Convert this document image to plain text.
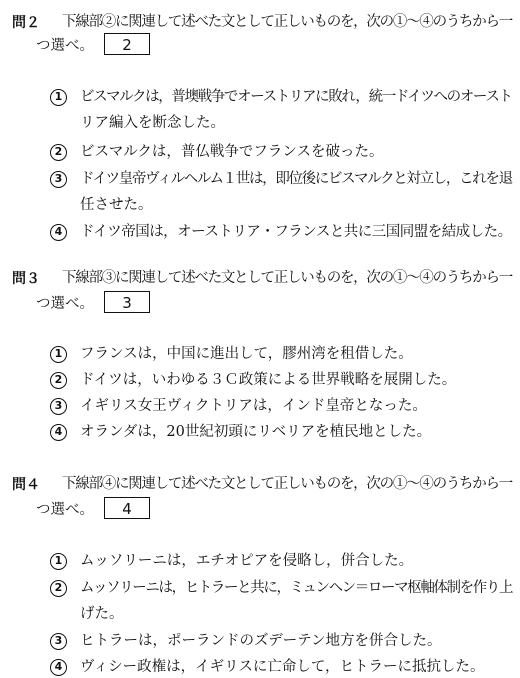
問２ 下線部②に関連して述べた文として正しいものを，次の①〜④のうちから一
つ選べ。	2
1	ビスマルクは，普墺戦争でオーストリアに敗れ，統一ドイツへのオースト
リア編入を断念した。
2	ビスマルクは，普仏戦争でフランスを破った。
3	ドイツ皇帝ヴィルヘルム１世は，即位後にビスマルクと対立し，これを退
任させた。
4	ドイツ帝国は，オーストリア・フランスと共に三国同盟を結成した。
問３ 下線部③に関連して述べた文として正しいものを，次の①〜④のうちから一
つ選べ。	3
1	フランスは，中国に進出して，膠州湾を租借した。
2	ドイツは，いわゆる３Ｃ政策による世界戦略を展開した。
3	イギリス女王ヴィクトリアは，インド皇帝となった。
4	オランダは，20世紀初頭にリベリアを植民地とした。
問４ 下線部④に関連して述べた文として正しいものを，次の①〜④のうちから一
つ選べ。	4
1	ムッソリーニは，エチオピアを侵略し，併合した。
2	ムッソリーニは，ヒトラーと共に，ミュンヘン＝ローマ枢軸体制を作り上
げた。
3	ヒトラーは，ポーランドのズデーテン地方を併合した。
4	ヴィシー政権は，イギリスに亡命して，ヒトラーに抵抗した。
